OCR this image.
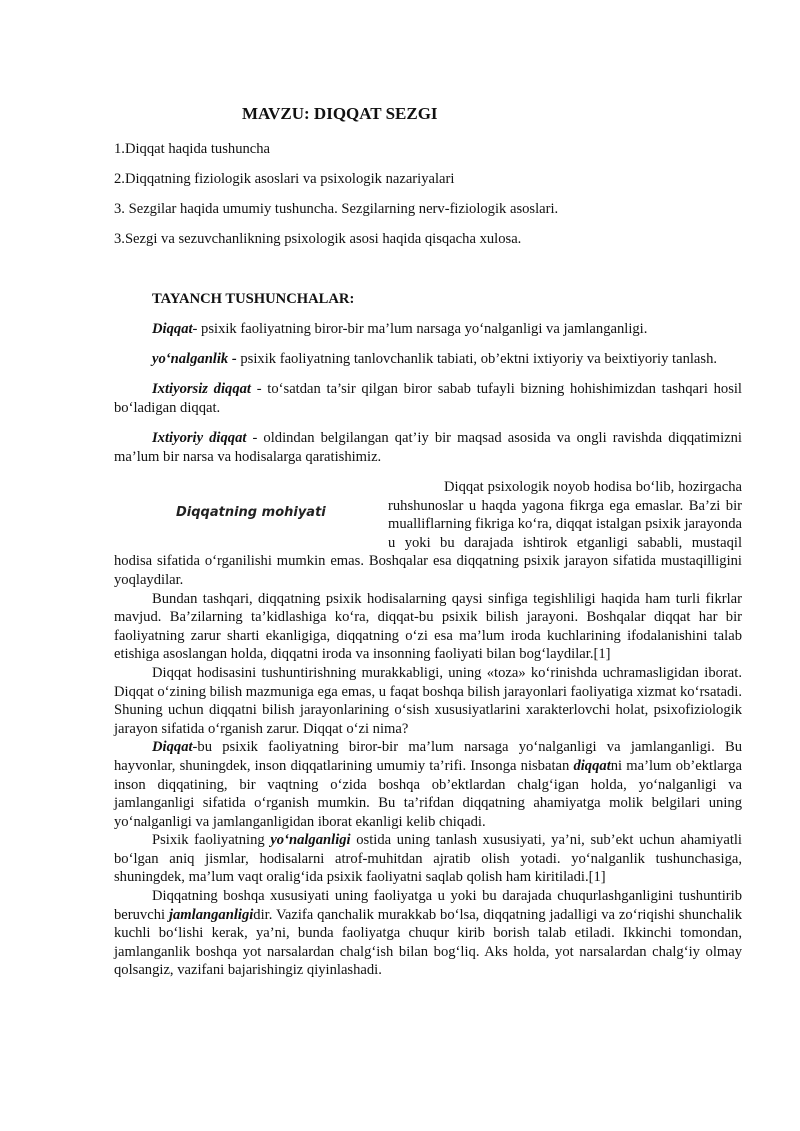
MAVZU: DIQQAT SEZGI

1.Diqqat haqida tushuncha

2.Diqqatning fiziologik asoslari va psixologik nazariyalari

3. Sezgilar haqida umumiy tushuncha. Sezgilarning nerv-fiziologik asoslari.

3.Sezgi va sezuvchanlikning psixologik asosi haqida qisqacha xulosa.

TAYANCH TUSHUNCHALAR:

Diqqat- psixik faoliyatning biror-bir ma’lum narsaga yo‘nalganligi va jamlanganligi.

yo‘nalganlik - psixik faoliyatning tanlovchanlik tabiati, ob’ektni ixtiyoriy va beixtiyoriy tanlash.

Ixtiyorsiz diqqat - to‘satdan ta’sir qilgan biror sabab tufayli bizning hohishimizdan tashqari hosil bo‘ladigan diqqat.

Ixtiyoriy diqqat - oldindan belgilangan qat’iy bir maqsad asosida va ongli ravishda diqqatimizni ma’lum bir narsa va hodisalarga qaratishimiz.

Diqqatning mohiyati

Diqqat psixologik noyob hodisa bo‘lib, hozirgacha ruhshunoslar u haqda yagona fikrga ega emaslar. Ba’zi bir mualliflarning fikriga ko‘ra, diqqat istalgan psixik jarayonda u yoki bu darajada ishtirok etganligi sababli, mustaqil hodisa sifatida o‘rganilishi mumkin emas. Boshqalar esa diqqatning psixik jarayon sifatida mustaqilligini yoqlaydilar.

Bundan tashqari, diqqatning psixik hodisalarning qaysi sinfiga tegishliligi haqida ham turli fikrlar mavjud. Ba’zilarning ta’kidlashiga ko‘ra, diqqat-bu psixik bilish jarayoni. Boshqalar diqqat har bir faoliyatning zarur sharti ekanligiga, diqqatning o‘zi esa ma’lum iroda kuchlarining ifodalanishini talab etishiga asoslangan holda, diqqatni iroda va insonning faoliyati bilan bog‘laydilar.[1]

Diqqat hodisasini tushuntirishning murakkabligi, uning «toza» ko‘rinishda uchramasligidan iborat. Diqqat o‘zining bilish mazmuniga ega emas, u faqat boshqa bilish jarayonlari faoliyatiga xizmat ko‘rsatadi. Shuning uchun diqqatni bilish jarayonlarining o‘sish xususiyatlarini xarakterlovchi holat, psixofiziologik jarayon sifatida o‘rganish zarur. Diqqat o‘zi nima?

Diqqat-bu psixik faoliyatning biror-bir ma’lum narsaga yo‘nalganligi va jamlanganligi. Bu hayvonlar, shuningdek, inson diqqatlarining umumiy ta’rifi. Insonga nisbatan diqqatni ma’lum ob’ektlarga inson diqqatining, bir vaqtning o‘zida boshqa ob’ektlardan chalg‘igan holda, yo‘nalganligi va jamlanganligi sifatida o‘rganish mumkin. Bu ta’rifdan diqqatning ahamiyatga molik belgilari uning yo‘nalganligi va jamlanganligidan iborat ekanligi kelib chiqadi.

Psixik faoliyatning yo‘nalganligi ostida uning tanlash xususiyati, ya’ni, sub’ekt uchun ahamiyatli bo‘lgan aniq jismlar, hodisalarni atrof-muhitdan ajratib olish yotadi. yo‘nalganlik tushunchasiga, shuningdek, ma’lum vaqt oralig‘ida psixik faoliyatni saqlab qolish ham kiritiladi.[1]

Diqqatning boshqa xususiyati uning faoliyatga u yoki bu darajada chuqurlashganligini tushuntirib beruvchi jamlanganligidir. Vazifa qanchalik murakkab bo‘lsa, diqqatning jadalligi va zo‘riqishi shunchalik kuchli bo‘lishi kerak, ya’ni, bunda faoliyatga chuqur kirib borish talab etiladi. Ikkinchi tomondan, jamlanganlik boshqa yot narsalardan chalg‘ish bilan bog‘liq. Aks holda, yot narsalardan chalg‘iy olmay qolsangiz, vazifani bajarishingiz qiyinlashadi.
